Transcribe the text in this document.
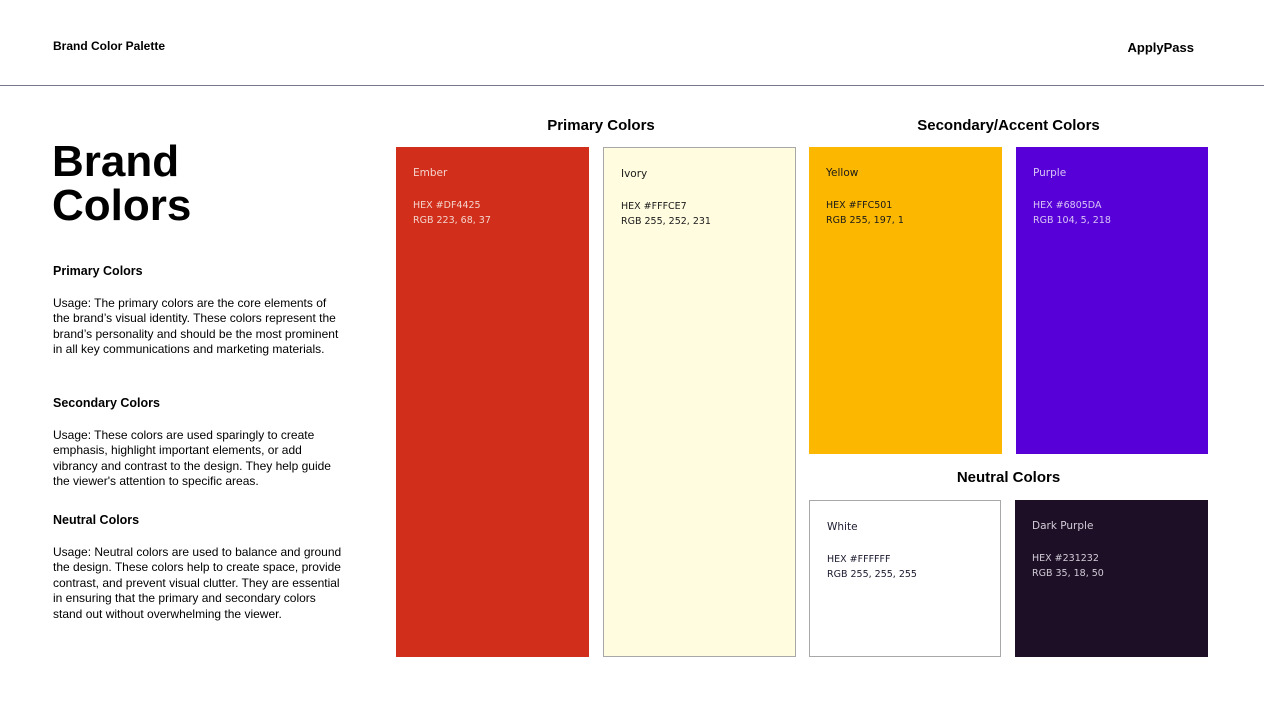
Brand Color Palette	ApplyPass
Brand
Colors
Primary Colors
Usage: The primary colors are the core elements of the brand’s visual identity. These colors represent the brand’s personality and should be the most prominent in all key communications and marketing materials.
Secondary Colors
Usage: These colors are used sparingly to create emphasis, highlight important elements, or add vibrancy and contrast to the design. They help guide the viewer's attention to specific areas.
Neutral Colors
Usage: Neutral colors are used to balance and ground the design. These colors help to create space, provide contrast, and prevent visual clutter. They are essential in ensuring that the primary and secondary colors stand out without overwhelming the viewer.
Primary Colors	Secondary/Accent Colors
Neutral Colors
Ember
HEX #DF4425
RGB 223, 68, 37
Ivory
HEX #FFFCE7
RGB 255, 252, 231
Yellow
HEX #FFC501
RGB 255, 197, 1
Purple
HEX #6805DA
RGB 104, 5, 218
White
HEX #FFFFFF
RGB 255, 255, 255
Dark Purple
HEX #231232
RGB 35, 18, 50
